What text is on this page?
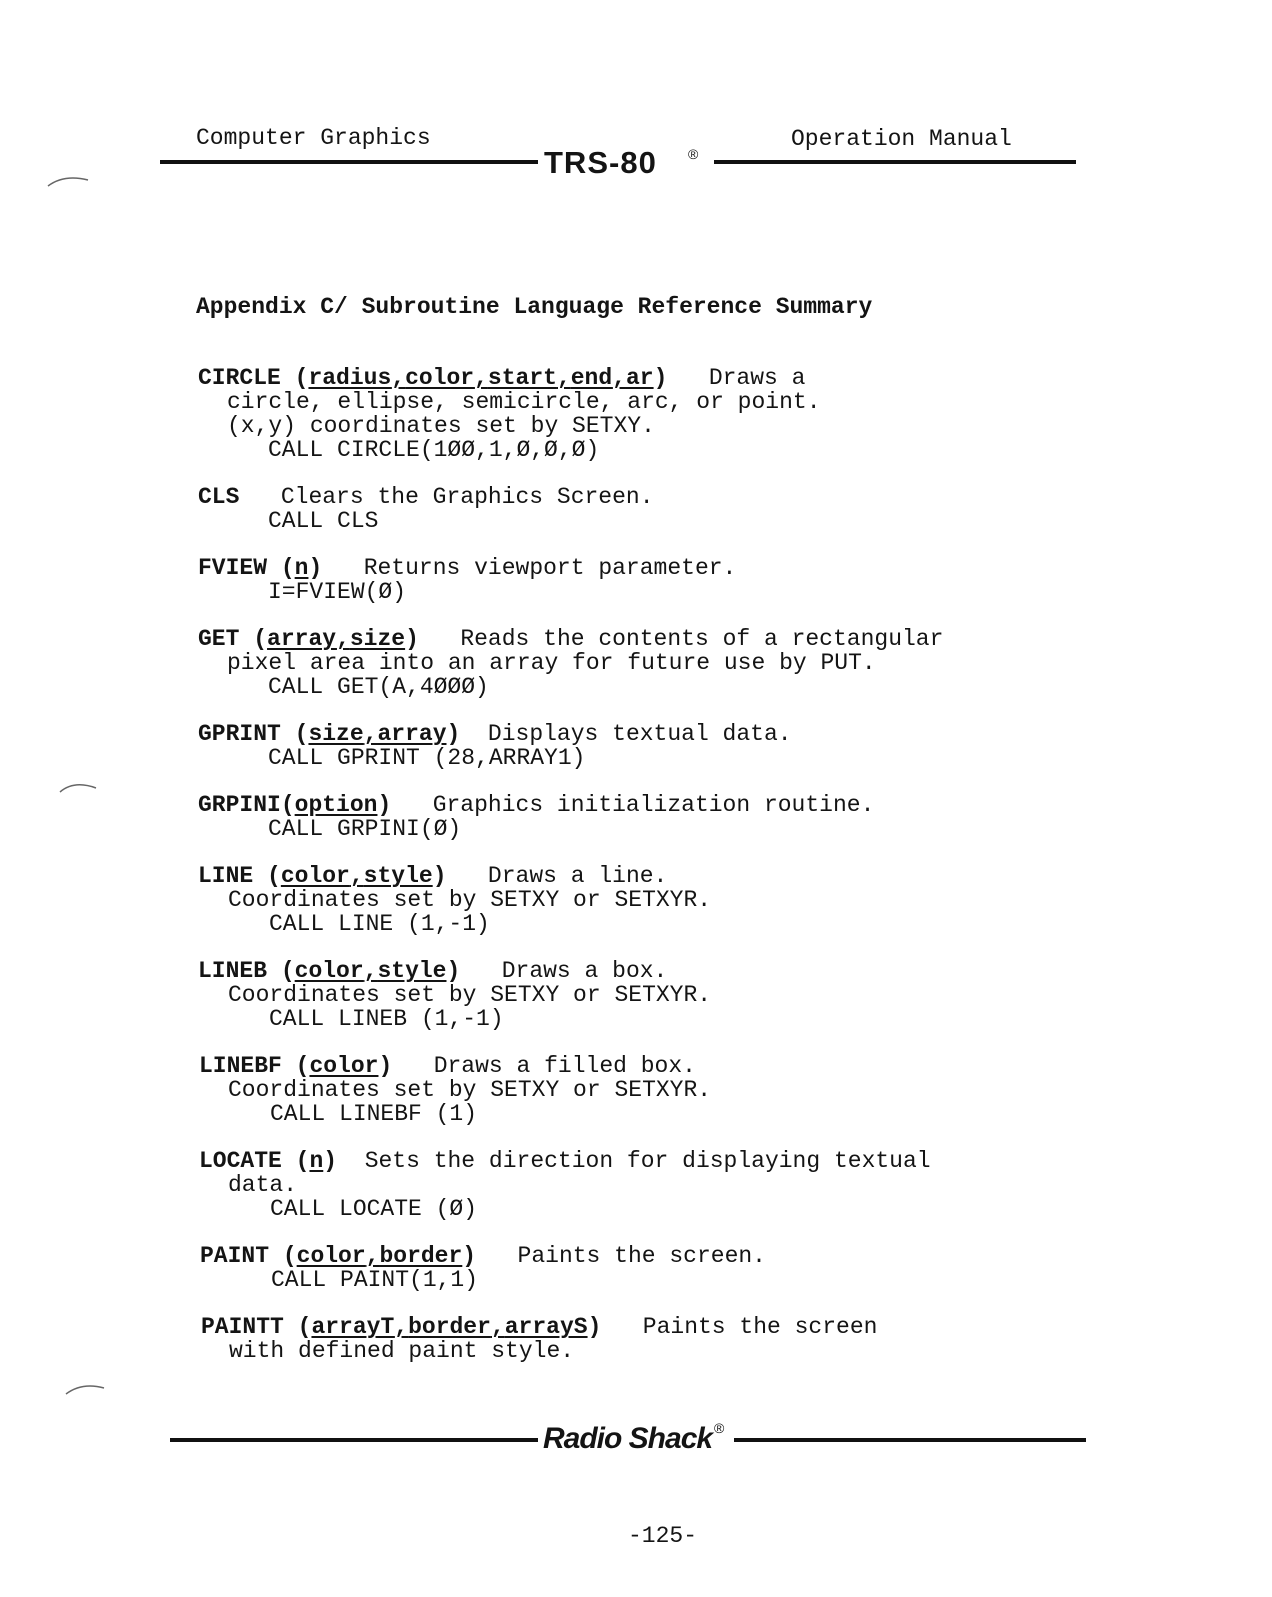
Computer Graphics	Operation Manual
TRS-80 ®
Appendix C/ Subroutine Language Reference Summary
CIRCLE (radius,color,start,end,ar) Draws a
circle, ellipse, semicircle, arc, or point.
(x,y) coordinates set by SETXY.
CALL CIRCLE(1ØØ,1,Ø,Ø,Ø)
CLS Clears the Graphics Screen.
CALL CLS
FVIEW (n) Returns viewport parameter.
I=FVIEW(Ø)
GET (array,size) Reads the contents of a rectangular
pixel area into an array for future use by PUT.
CALL GET(A,4ØØØ)
GPRINT (size,array) Displays textual data.
CALL GPRINT (28,ARRAY1)
GRPINI(option) Graphics initialization routine.
CALL GRPINI(Ø)
LINE (color,style) Draws a line.
Coordinates set by SETXY or SETXYR.
CALL LINE (1,-1)
LINEB (color,style) Draws a box.
Coordinates set by SETXY or SETXYR.
CALL LINEB (1,-1)
LINEBF (color) Draws a filled box.
Coordinates set by SETXY or SETXYR.
CALL LINEBF (1)
LOCATE (n) Sets the direction for displaying textual
data.
CALL LOCATE (Ø)
PAINT (color,border) Paints the screen.
CALL PAINT(1,1)
PAINTT (arrayT,border,arrayS) Paints the screen
with defined paint style.
Radio Shack ®
-125-
